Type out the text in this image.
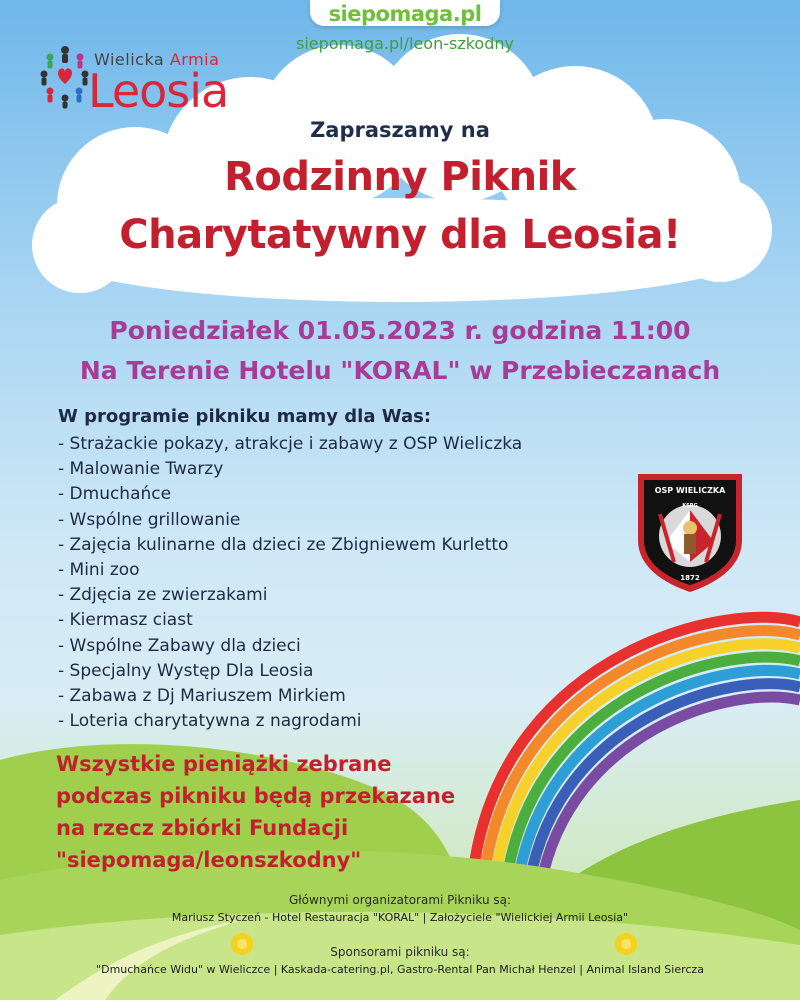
siepomaga.pl
siepomaga.pl/leon-szkodny
Wielicka Armia
Leosia
Zapraszamy na
Rodzinny Piknik
Charytatywny dla Leosia!
Poniedziałek 01.05.2023 r. godzina 11:00
Na Terenie Hotelu "KORAL" w Przebieczanach
W programie pikniku mamy dla Was:
- Strażackie pokazy, atrakcje i zabawy z OSP Wieliczka
- Malowanie Twarzy
- Dmuchańce
- Wspólne grillowanie
- Zajęcia kulinarne dla dzieci ze Zbigniewem Kurletto
- Mini zoo
- Zdjęcia ze zwierzakami
- Kiermasz ciast
- Wspólne Zabawy dla dzieci
- Specjalny Występ Dla Leosia
- Zabawa z Dj Mariuszem Mirkiem
- Loteria charytatywna z nagrodami
OSP WIELICZKA
KSRG
1872
Wszystkie pieniążki zebrane
podczas pikniku będą przekazane
na rzecz zbiórki Fundacji
"siepomaga/leonszkodny"
Głównymi organizatorami Pikniku są:
Mariusz Styczeń - Hotel Restauracja "KORAL" | Założyciele "Wielickiej Armii Leosia"
Sponsorami pikniku są:
"Dmuchańce Widu" w Wieliczce | Kaskada-catering.pl, Gastro-Rental Pan Michał Henzel | Animal Island Siercza
